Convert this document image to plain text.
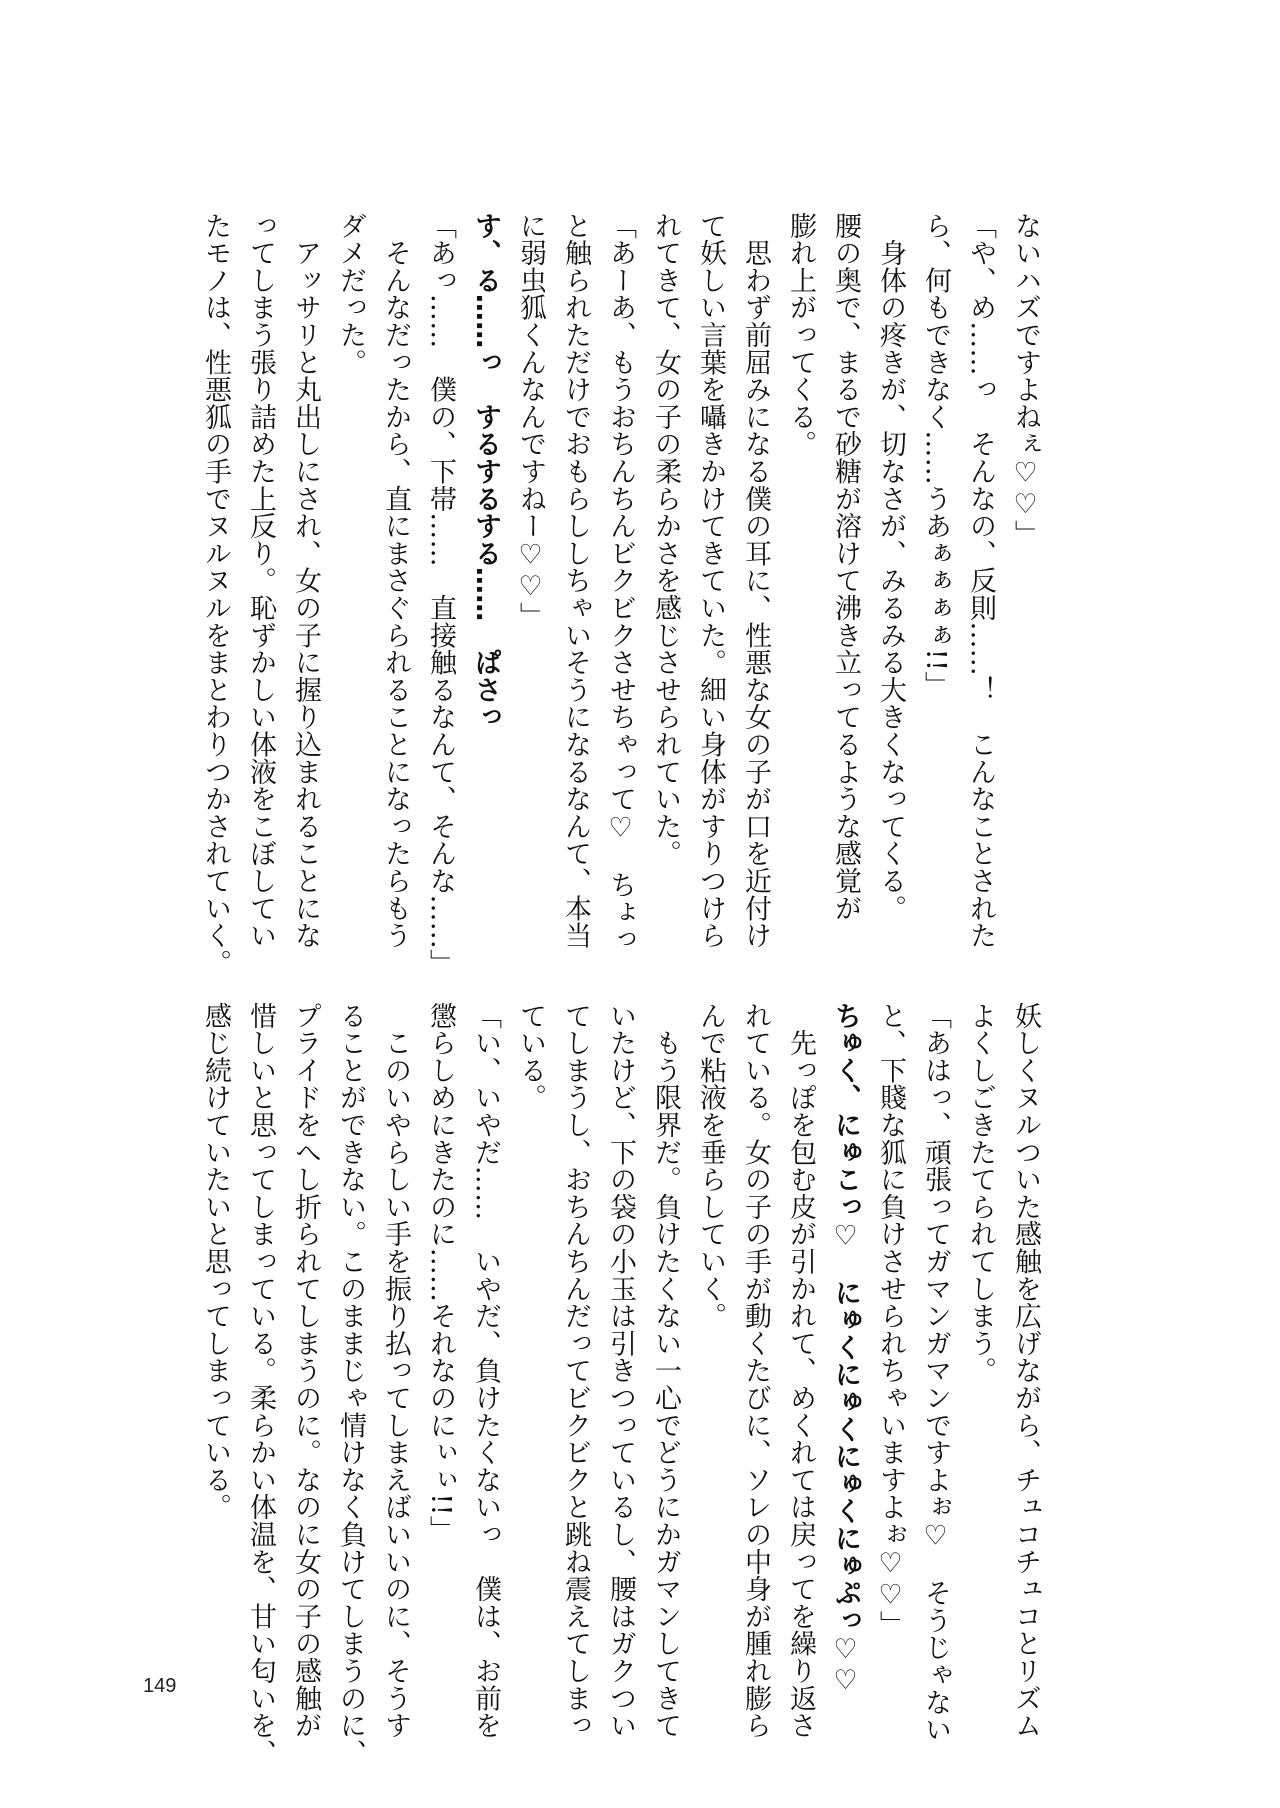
ないハズですよねぇ♡♡」
「や、め……っ　そんなの、反則……！　こんなことされた
ら、何もできなく……うあぁぁぁぁ!!」
　身体の疼きが、切なさが、みるみる大きくなってくる。
腰の奥で、まるで砂糖が溶けて沸き立ってるような感覚が
膨れ上がってくる。
　思わず前屈みになる僕の耳に、性悪な女の子が口を近付け
て妖しい言葉を囁きかけてきていた。細い身体がすりつけら
れてきて、女の子の柔らかさを感じさせられていた。
「あーあ、もうおちんちんビクビクさせちゃって♡　ちょっ
と触られただけでおもらししちゃいそうになるなんて、本当
に弱虫狐くんなんですねー♡♡」
す、る……っ　するするする……　ぱさっ
「あっ……　僕の、下帯……　直接触るなんて、そんな……」
　そんなだったから、直にまさぐられることになったらもう
ダメだった。
　アッサリと丸出しにされ、女の子に握り込まれることにな
ってしまう張り詰めた上反り。恥ずかしい体液をこぼしてい
たモノは、性悪狐の手でヌルヌルをまとわりつかされていく。
妖しくヌルついた感触を広げながら、チュコチュコとリズム
よくしごきたてられてしまう。
「あはっ、頑張ってガマンガマンですよぉ♡　そうじゃない
と、下賤な狐に負けさせられちゃいますよぉ♡♡」
ちゅく、にゅこっ♡　にゅくにゅくにゅくにゅぷっ♡♡
　先っぽを包む皮が引かれて、めくれては戻ってを繰り返さ
れている。女の子の手が動くたびに、ソレの中身が腫れ膨ら
んで粘液を垂らしていく。
　もう限界だ。負けたくない一心でどうにかガマンしてきて
いたけど、下の袋の小玉は引きつっているし、腰はガクつい
てしまうし、おちんちんだってビクビクと跳ね震えてしまっ
ている。
「い、いやだ……　いやだ、負けたくないっ　僕は、お前を
懲らしめにきたのに……それなのにぃぃ!!」
　このいやらしい手を振り払ってしまえばいいのに、そうす
ることができない。このままじゃ情けなく負けてしまうのに、
プライドをへし折られてしまうのに。なのに女の子の感触が
惜しいと思ってしまっている。柔らかい体温を、甘い匂いを、
感じ続けていたいと思ってしまっている。
149
